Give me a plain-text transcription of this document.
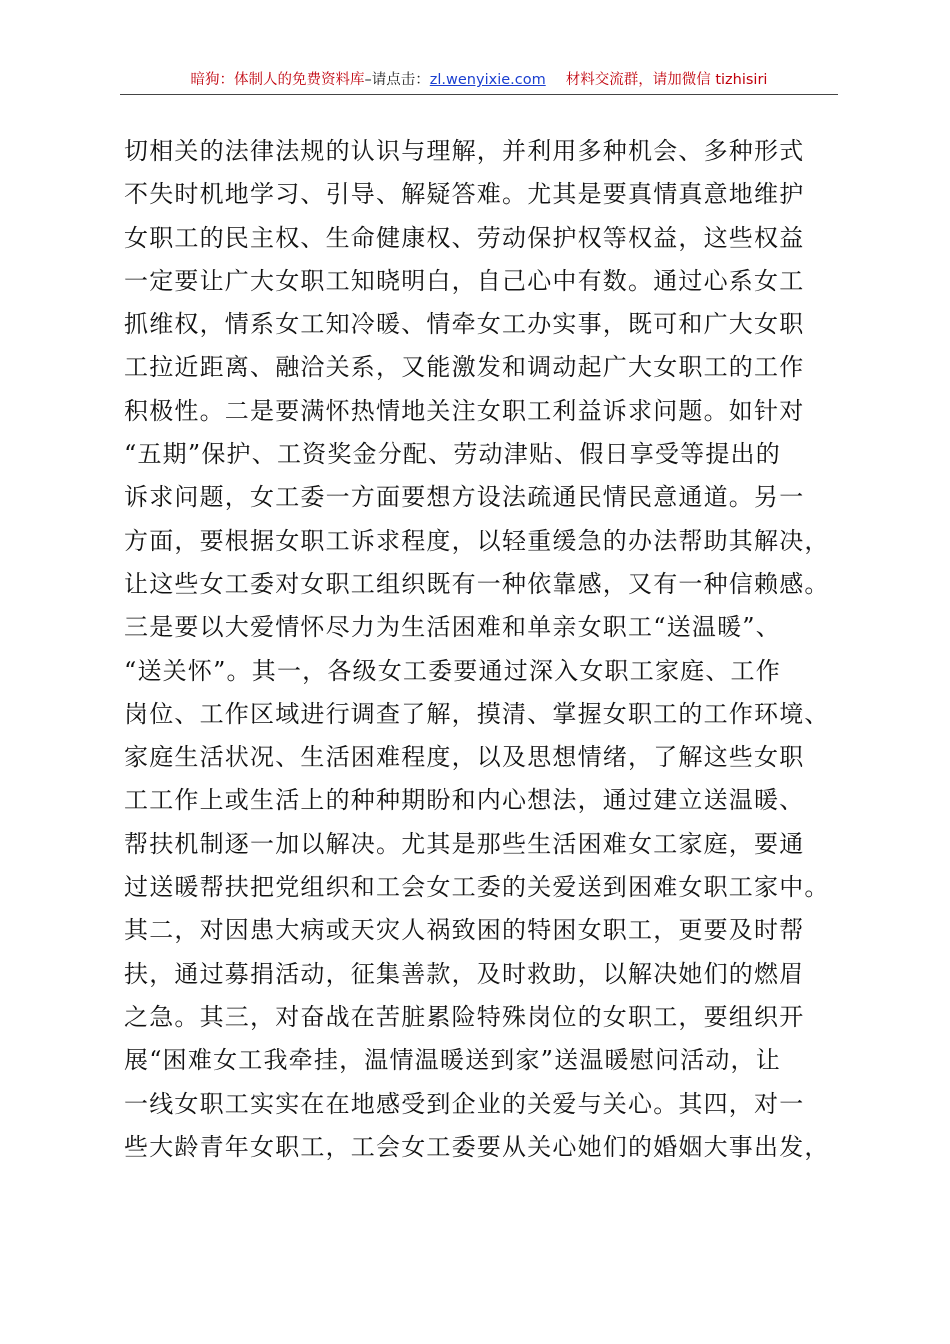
暗狗：体制人的免费资料库–请点击：zl.wenyixie.com 材料交流群，请加微信 tizhisiri
切相关的法律法规的认识与理解，并利用多种机会、多种形式
不失时机地学习、引导、解疑答难。尤其是要真情真意地维护
女职工的民主权、生命健康权、劳动保护权等权益，这些权益
一定要让广大女职工知晓明白，自己心中有数。通过心系女工
抓维权，情系女工知冷暖、情牵女工办实事，既可和广大女职
工拉近距离、融洽关系，又能激发和调动起广大女职工的工作
积极性。二是要满怀热情地关注女职工利益诉求问题。如针对
“五期”保护、工资奖金分配、劳动津贴、假日享受等提出的
诉求问题，女工委一方面要想方设法疏通民情民意通道。另一
方面，要根据女职工诉求程度，以轻重缓急的办法帮助其解决，
让这些女工委对女职工组织既有一种依靠感，又有一种信赖感。
三是要以大爱情怀尽力为生活困难和单亲女职工“送温暖”、
“送关怀”。其一，各级女工委要通过深入女职工家庭、工作
岗位、工作区域进行调查了解，摸清、掌握女职工的工作环境、
家庭生活状况、生活困难程度，以及思想情绪，了解这些女职
工工作上或生活上的种种期盼和内心想法，通过建立送温暖、
帮扶机制逐一加以解决。尤其是那些生活困难女工家庭，要通
过送暖帮扶把党组织和工会女工委的关爱送到困难女职工家中。
其二，对因患大病或天灾人祸致困的特困女职工，更要及时帮
扶，通过募捐活动，征集善款，及时救助，以解决她们的燃眉
之急。其三，对奋战在苦脏累险特殊岗位的女职工，要组织开
展“困难女工我牵挂，温情温暖送到家”送温暖慰问活动，让
一线女职工实实在在地感受到企业的关爱与关心。其四，对一
些大龄青年女职工，工会女工委要从关心她们的婚姻大事出发，
